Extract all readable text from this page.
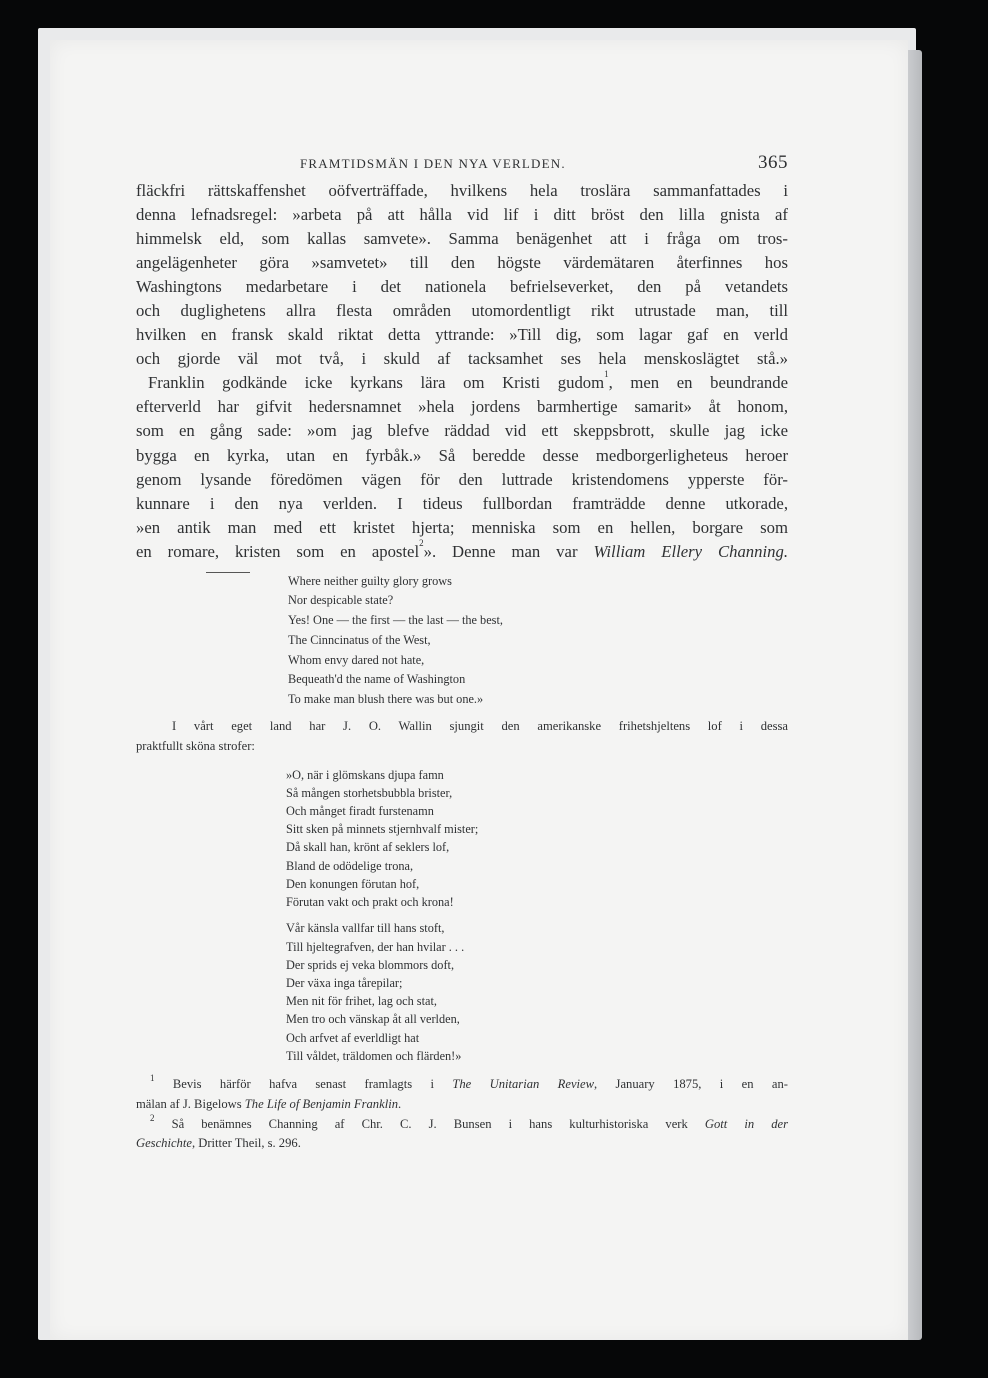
FRAMTIDSMÄN I DEN NYA VERLDEN.	365
fläckfri rättskaffenshet oöfverträffade, hvilkens hela troslära sammanfattades i
denna lefnadsregel: »arbeta på att hålla vid lif i ditt bröst den lilla gnista af
himmelsk eld, som kallas samvete». Samma benägenhet att i fråga om tros-
angelägenheter göra »samvetet» till den högste värdemätaren återfinnes hos
Washingtons medarbetare i det nationela befrielseverket, den på vetandets
och duglighetens allra flesta områden utomordentligt rikt utrustade man, till
hvilken en fransk skald riktat detta yttrande: »Till dig, som lagar gaf en verld
och gjorde väl mot två, i skuld af tacksamhet ses hela menskoslägtet stå.»
Franklin godkände icke kyrkans lära om Kristi gudom$^1$, men en beundrande
efterverld har gifvit hedersnamnet »hela jordens barmhertige samarit» åt honom,
som en gång sade: »om jag blefve räddad vid ett skeppsbrott, skulle jag icke
bygga en kyrka, utan en fyrbåk.» Så beredde desse medborgerligheteus heroer
genom lysande föredömen vägen för den luttrade kristendomens ypperste för-
kunnare i den nya verlden. I tideus fullbordan framträdde denne utkorade,
»en antik man med ett kristet hjerta; menniska som en hellen, borgare som
en romare, kristen som en apostel$^2$». Denne man var William Ellery Channing.
Where neither guilty glory grows
Nor despicable state?
Yes! One — the first — the last — the best,
The Cinncinatus of the West,
Whom envy dared not hate,
Bequeath'd the name of Washington
To make man blush there was but one.»
I vårt eget land har J. O. Wallin sjungit den amerikanske frihetshjeltens lof i dessa
praktfullt sköna strofer:
»O, när i glömskans djupa famn
Så mången storhetsbubbla brister,
Och månget firadt furstenamn
Sitt sken på minnets stjernhvalf mister;
Då skall han, krönt af seklers lof,
Bland de odödelige trona,
Den konungen förutan hof,
Förutan vakt och prakt och krona!
Vår känsla vallfar till hans stoft,
Till hjeltegrafven, der han hvilar . . .
Der sprids ej veka blommors doft,
Der växa inga tårepilar;
Men nit för frihet, lag och stat,
Men tro och vänskap åt all verlden,
Och arfvet af everldligt hat
Till våldet, träldomen och flärden!»
$^1$ Bevis härför hafva senast framlagts i The Unitarian Review, January 1875, i en an-
mälan af J. Bigelows The Life of Benjamin Franklin.
$^2$ Så benämnes Channing af Chr. C. J. Bunsen i hans kulturhistoriska verk Gott in der
Geschichte, Dritter Theil, s. 296.
